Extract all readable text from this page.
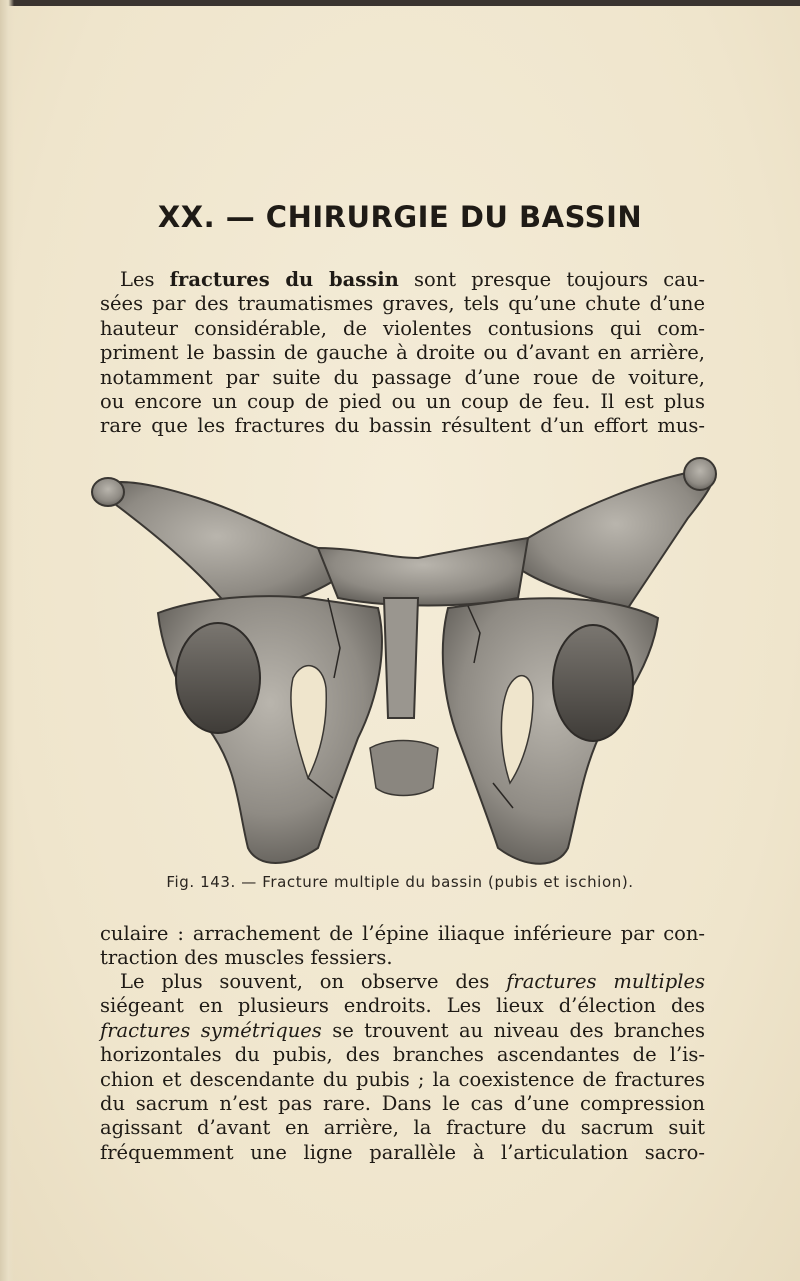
XX. — CHIRURGIE DU BASSIN

Les fractures du bassin sont presque toujours cau-
sées par des traumatismes graves, tels qu’une chute d’une
hauteur considérable, de violentes contusions qui com-
priment le bassin de gauche à droite ou d’avant en arrière,
notamment par suite du passage d’une roue de voiture,
ou encore un coup de pied ou un coup de feu. Il est plus
rare que les fractures du bassin résultent d’un effort mus-

Fig. 143. — Fracture multiple du bassin (pubis et ischion).

culaire : arrachement de l’épine iliaque inférieure par con-
traction des muscles fessiers.

Le plus souvent, on observe des fractures multiples
siégeant en plusieurs endroits. Les lieux d’élection des
fractures symétriques se trouvent au niveau des branches
horizontales du pubis, des branches ascendantes de l’is-
chion et descendante du pubis ; la coexistence de fractures
du sacrum n’est pas rare. Dans le cas d’une compression
agissant d’avant en arrière, la fracture du sacrum suit
fréquemment une ligne parallèle à l’articulation sacro-
